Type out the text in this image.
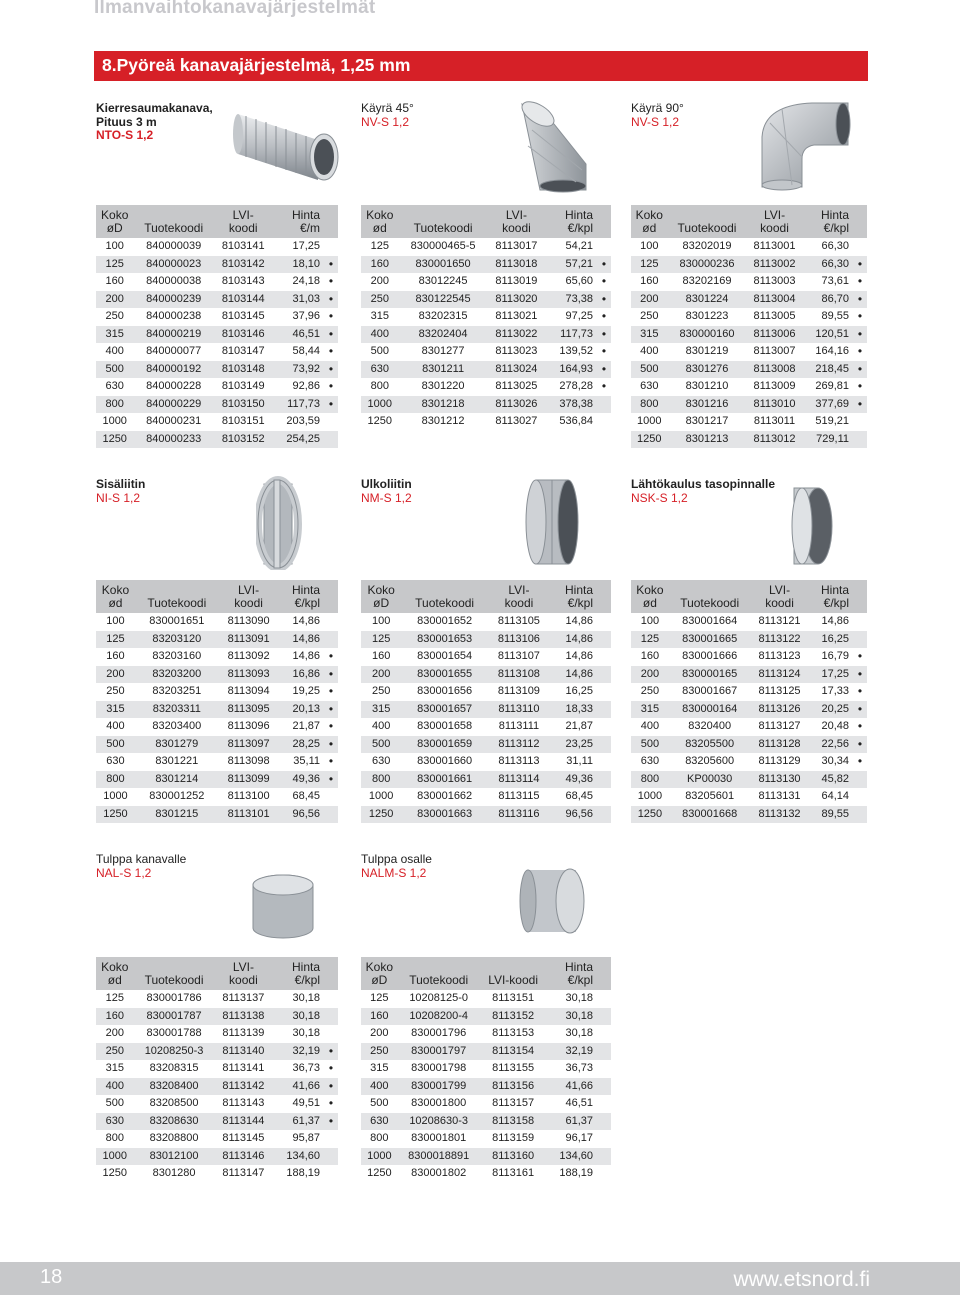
Ilmanvaihtokanavajärjestelmät
8.Pyöreä kanavajärjestelmä, 1,25 mm
Kierresaumakanava,
Pituus 3 m
NTO-S 1,2
Käyrä 45°
NV-S 1,2
Käyrä 90°
NV-S 1,2
Sisäliitin
NI-S 1,2
Ulkoliitin
NM-S 1,2
Lähtökaulus tasopinnalle
NSK-S 1,2
Tulppa kanavalle
NAL-S 1,2
Tulppa osalle
NALM-S 1,2
Koko
øD	Tuotekoodi	LVI-
koodi	Hinta
€/m	
100	840000039	8103141	17,25	
125	840000023	8103142	18,10	•
160	840000038	8103143	24,18	•
200	840000239	8103144	31,03	•
250	840000238	8103145	37,96	•
315	840000219	8103146	46,51	•
400	840000077	8103147	58,44	•
500	840000192	8103148	73,92	•
630	840000228	8103149	92,86	•
800	840000229	8103150	117,73	•
1000	840000231	8103151	203,59	
1250	840000233	8103152	254,25	
Koko
ød	Tuotekoodi	LVI-
koodi	Hinta
€/kpl	
125	830000465-5	8113017	54,21	
160	830001650	8113018	57,21	•
200	83012245	8113019	65,60	•
250	830122545	8113020	73,38	•
315	83202315	8113021	97,25	•
400	83202404	8113022	117,73	•
500	8301277	8113023	139,52	•
630	8301211	8113024	164,93	•
800	8301220	8113025	278,28	•
1000	8301218	8113026	378,38	
1250	8301212	8113027	536,84	
Koko
ød	Tuotekoodi	LVI-
koodi	Hinta
€/kpl	
100	83202019	8113001	66,30	
125	830000236	8113002	66,30	•
160	83202169	8113003	73,61	•
200	8301224	8113004	86,70	•
250	8301223	8113005	89,55	•
315	830000160	8113006	120,51	•
400	8301219	8113007	164,16	•
500	8301276	8113008	218,45	•
630	8301210	8113009	269,81	•
800	8301216	8113010	377,69	•
1000	8301217	8113011	519,21	
1250	8301213	8113012	729,11	
Koko
ød	Tuotekoodi	LVI-
koodi	Hinta
€/kpl	
100	830001651	8113090	14,86	
125	83203120	8113091	14,86	
160	83203160	8113092	14,86	•
200	83203200	8113093	16,86	•
250	83203251	8113094	19,25	•
315	83203311	8113095	20,13	•
400	83203400	8113096	21,87	•
500	8301279	8113097	28,25	•
630	8301221	8113098	35,11	•
800	8301214	8113099	49,36	•
1000	830001252	8113100	68,45	
1250	8301215	8113101	96,56	
Koko
øD	Tuotekoodi	LVI-
koodi	Hinta
€/kpl	
100	830001652	8113105	14,86	
125	830001653	8113106	14,86	
160	830001654	8113107	14,86	
200	830001655	8113108	14,86	
250	830001656	8113109	16,25	
315	830001657	8113110	18,33	
400	830001658	8113111	21,87	
500	830001659	8113112	23,25	
630	830001660	8113113	31,11	
800	830001661	8113114	49,36	
1000	830001662	8113115	68,45	
1250	830001663	8113116	96,56	
Koko
ød	Tuotekoodi	LVI-
koodi	Hinta
€/kpl	
100	830001664	8113121	14,86	
125	830001665	8113122	16,25	
160	830001666	8113123	16,79	•
200	830000165	8113124	17,25	•
250	830001667	8113125	17,33	•
315	830000164	8113126	20,25	•
400	8320400	8113127	20,48	•
500	83205500	8113128	22,56	•
630	83205600	8113129	30,34	•
800	KP00030	8113130	45,82	
1000	83205601	8113131	64,14	
1250	830001668	8113132	89,55	
Koko
ød	Tuotekoodi	LVI-
koodi	Hinta
€/kpl	
125	830001786	8113137	30,18	
160	830001787	8113138	30,18	
200	830001788	8113139	30,18	
250	10208250-3	8113140	32,19	•
315	83208315	8113141	36,73	•
400	83208400	8113142	41,66	•
500	83208500	8113143	49,51	•
630	83208630	8113144	61,37	•
800	83208800	8113145	95,87	
1000	83012100	8113146	134,60	
1250	8301280	8113147	188,19	
Koko
øD	Tuotekoodi	LVI-koodi	Hinta
€/kpl	
125	10208125-0	8113151	30,18	
160	10208200-4	8113152	30,18	
200	830001796	8113153	30,18	
250	830001797	8113154	32,19	
315	830001798	8113155	36,73	
400	830001799	8113156	41,66	
500	830001800	8113157	46,51	
630	10208630-3	8113158	61,37	
800	830001801	8113159	96,17	
1000	8300018891	8113160	134,60	
1250	830001802	8113161	188,19	
18	www.etsnord.fi
